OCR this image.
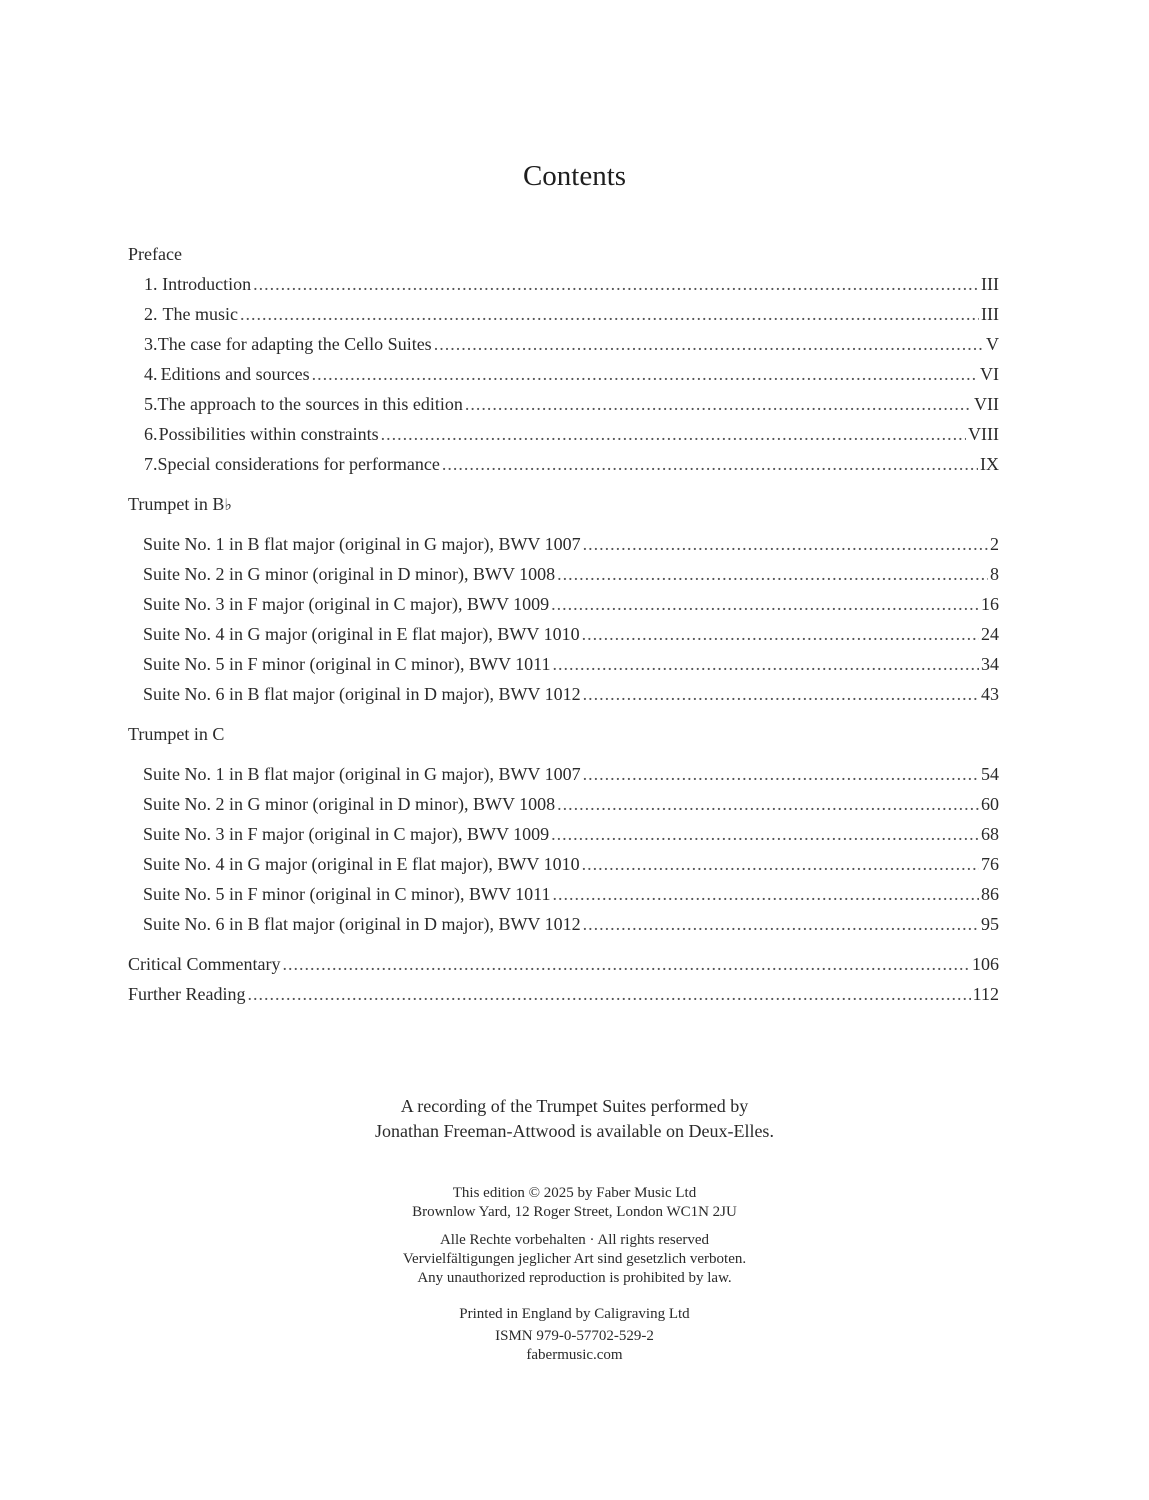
Contents
Preface
1. Introduction .....	III
2. The music .....	III
3. The case for adapting the Cello Suites .....	V
4. Editions and sources .....	VI
5. The approach to the sources in this edition .....	VII
6. Possibilities within constraints .....	VIII
7. Special considerations for performance .....	IX
Trumpet in B♭
Suite No. 1 in B flat major (original in G major), BWV 1007 .....	2
Suite No. 2 in G minor (original in D minor), BWV 1008 .....	8
Suite No. 3 in F major (original in C major), BWV 1009 .....	16
Suite No. 4 in G major (original in E flat major), BWV 1010 .....	24
Suite No. 5 in F minor (original in C minor), BWV 1011 .....	34
Suite No. 6 in B flat major (original in D major), BWV 1012 .....	43
Trumpet in C
Suite No. 1 in B flat major (original in G major), BWV 1007 .....	54
Suite No. 2 in G minor (original in D minor), BWV 1008 .....	60
Suite No. 3 in F major (original in C major), BWV 1009 .....	68
Suite No. 4 in G major (original in E flat major), BWV 1010 .....	76
Suite No. 5 in F minor (original in C minor), BWV 1011 .....	86
Suite No. 6 in B flat major (original in D major), BWV 1012 .....	95
Critical Commentary .....	106
Further Reading .....	112
A recording of the Trumpet Suites performed by
Jonathan Freeman-Attwood is available on Deux-Elles.
This edition © 2025 by Faber Music Ltd
Brownlow Yard, 12 Roger Street, London WC1N 2JU
Alle Rechte vorbehalten · All rights reserved
Vervielfältigungen jeglicher Art sind gesetzlich verboten.
Any unauthorized reproduction is prohibited by law.
Printed in England by Caligraving Ltd
ISMN 979-0-57702-529-2
fabermusic.com
